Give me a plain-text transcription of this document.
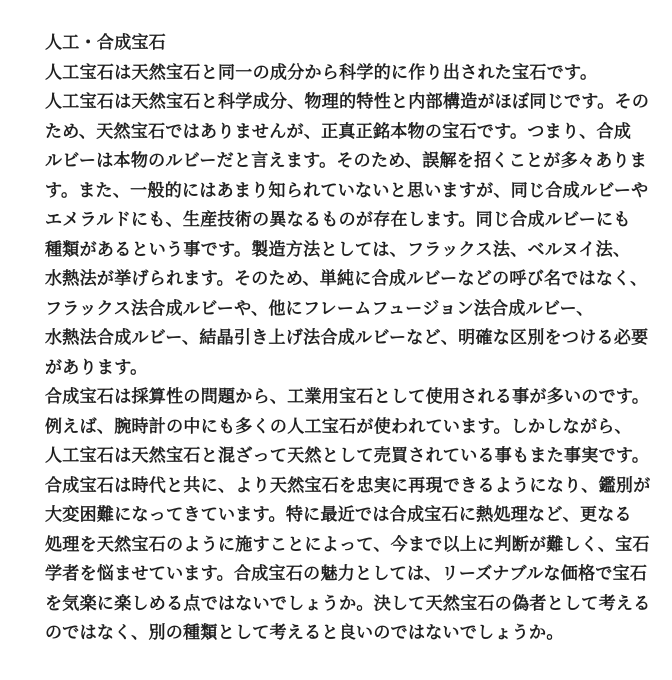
人工・合成宝石
人工宝石は天然宝石と同一の成分から科学的に作り出された宝石です。
人工宝石は天然宝石と科学成分、物理的特性と内部構造がほぼ同じです。その
ため、天然宝石ではありませんが、正真正銘本物の宝石です。つまり、合成
ルビーは本物のルビーだと言えます。そのため、誤解を招くことが多々ありま
す。また、一般的にはあまり知られていないと思いますが、同じ合成ルビーや
エメラルドにも、生産技術の異なるものが存在します。同じ合成ルビーにも
種類があるという事です。製造方法としては、フラックス法、ベルヌイ法、
水熱法が挙げられます。そのため、単純に合成ルビーなどの呼び名ではなく、
フラックス法合成ルビーや、他にフレームフュージョン法合成ルビー、
水熱法合成ルビー、結晶引き上げ法合成ルビーなど、明確な区別をつける必要
があります。
合成宝石は採算性の問題から、工業用宝石として使用される事が多いのです。
例えば、腕時計の中にも多くの人工宝石が使われています。しかしながら、
人工宝石は天然宝石と混ざって天然として売買されている事もまた事実です。
合成宝石は時代と共に、より天然宝石を忠実に再現できるようになり、鑑別が
大変困難になってきています。特に最近では合成宝石に熱処理など、更なる
処理を天然宝石のように施すことによって、今まで以上に判断が難しく、宝石
学者を悩ませています。合成宝石の魅力としては、リーズナブルな価格で宝石
を気楽に楽しめる点ではないでしょうか。決して天然宝石の偽者として考える
のではなく、別の種類として考えると良いのではないでしょうか。
